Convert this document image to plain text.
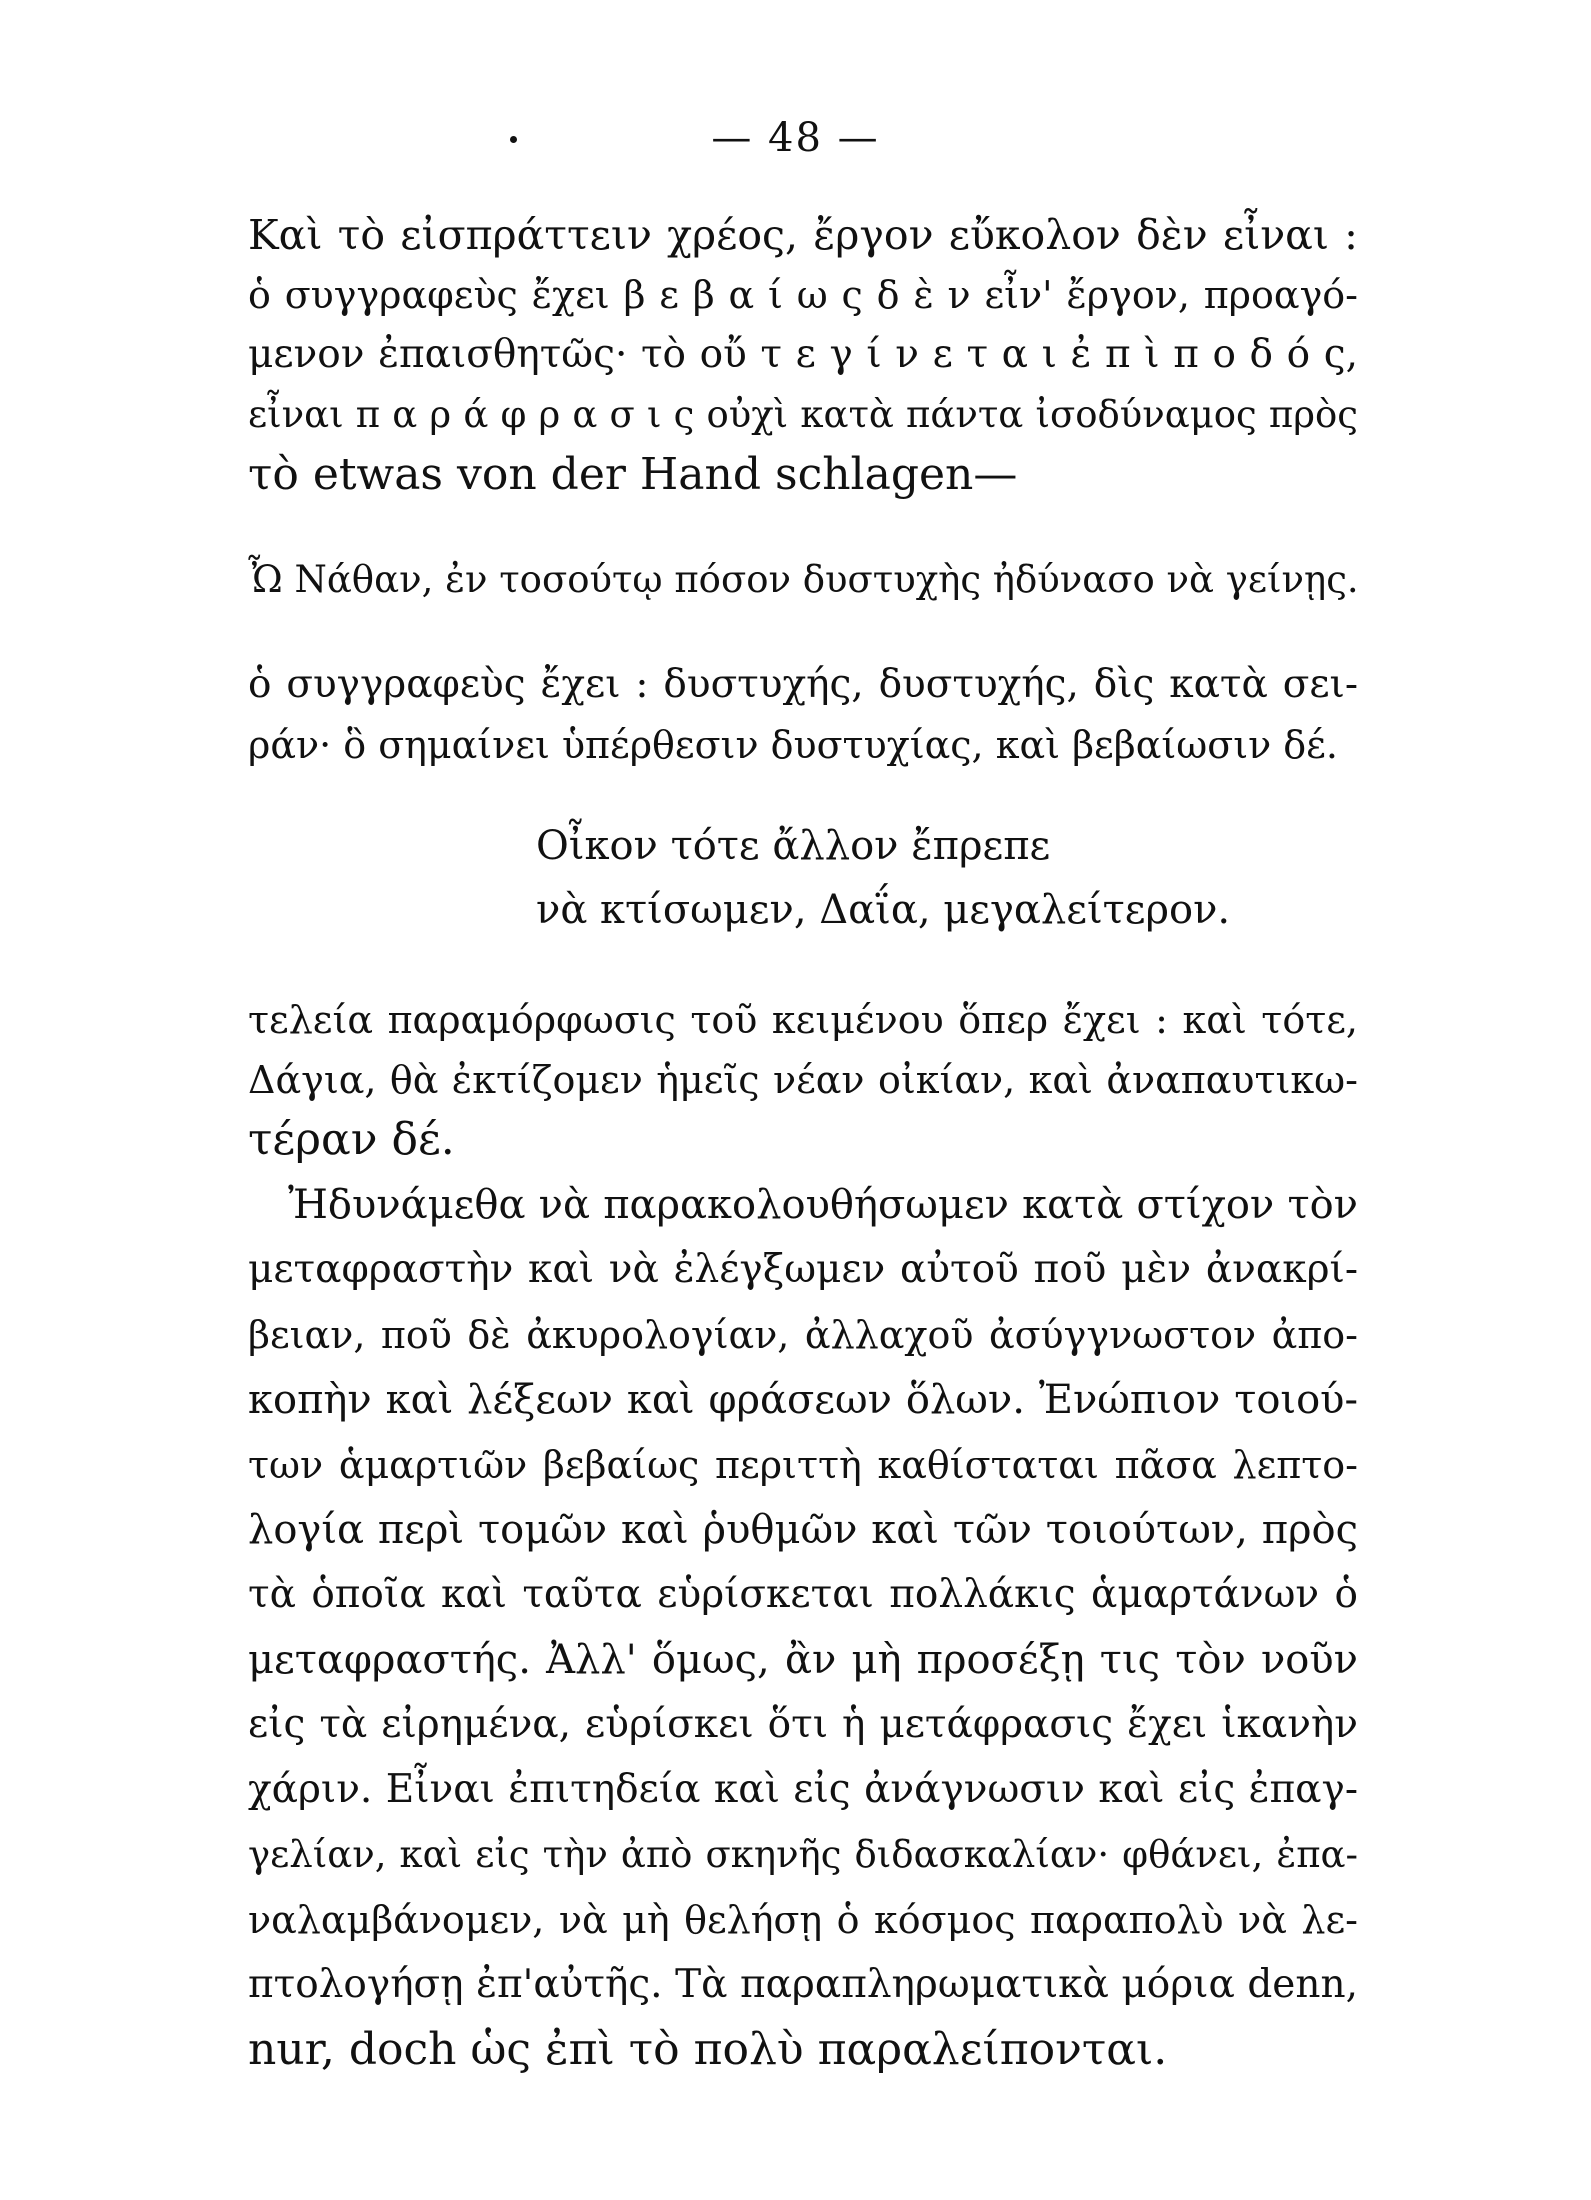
— 48 —
Καὶ τὸ εἰσπράττειν χρέος, ἔργον εὔκολον δὲν εἶναι :
ὁ συγγραφεὺς ἔχει β ε β α ί ω ς δ ὲ ν εἶν' ἔργον, προαγό-
μενον ἐπαισθητῶς· τὸ οὔ τ ε γ ί ν ε τ α ι ἐ π ὶ π ο δ ό ς,
εἶναι π α ρ ά φ ρ α σ ι ς οὐχὶ κατὰ πάντα ἰσοδύναμος πρὸς
τὸ etwas von der Hand schlagen—
Ὦ Νάθαν, ἐν τοσούτῳ πόσον δυστυχὴς ἠδύνασο νὰ γείνῃς.
ὁ συγγραφεὺς ἔχει : δυστυχής, δυστυχής, δὶς κατὰ σει-
ράν· ὃ σημαίνει ὑπέρθεσιν δυστυχίας, καὶ βεβαίωσιν δέ.
Οἶκον τότε ἄλλον ἔπρεπε
νὰ κτίσωμεν, Δαΐα, μεγαλείτερον.
τελεία παραμόρφωσις τοῦ κειμένου ὅπερ ἔχει : καὶ τότε,
Δάγια, θὰ ἐκτίζομεν ἡμεῖς νέαν οἰκίαν, καὶ ἀναπαυτικω-
τέραν δέ.
Ἠδυνάμεθα νὰ παρακολουθήσωμεν κατὰ στίχον τὸν
μεταφραστὴν καὶ νὰ ἐλέγξωμεν αὐτοῦ ποῦ μὲν ἀνακρί-
βειαν, ποῦ δὲ ἀκυρολογίαν, ἀλλαχοῦ ἀσύγγνωστον ἀπο-
κοπὴν καὶ λέξεων καὶ φράσεων ὅλων. Ἐνώπιον τοιού-
των ἁμαρτιῶν βεβαίως περιττὴ καθίσταται πᾶσα λεπτο-
λογία περὶ τομῶν καὶ ῥυθμῶν καὶ τῶν τοιούτων, πρὸς
τὰ ὁποῖα καὶ ταῦτα εὑρίσκεται πολλάκις ἁμαρτάνων ὁ
μεταφραστής. Ἀλλ' ὅμως, ἂν μὴ προσέξῃ τις τὸν νοῦν
εἰς τὰ εἰρημένα, εὑρίσκει ὅτι ἡ μετάφρασις ἔχει ἱκανὴν
χάριν. Εἶναι ἐπιτηδεία καὶ εἰς ἀνάγνωσιν καὶ εἰς ἐπαγ-
γελίαν, καὶ εἰς τὴν ἀπὸ σκηνῆς διδασκαλίαν· φθάνει, ἐπα-
ναλαμβάνομεν, νὰ μὴ θελήσῃ ὁ κόσμος παραπολὺ νὰ λε-
πτολογήσῃ ἐπ'αὐτῆς. Τὰ παραπληρωματικὰ μόρια denn,
nur, doch ὡς ἐπὶ τὸ πολὺ παραλείπονται.
